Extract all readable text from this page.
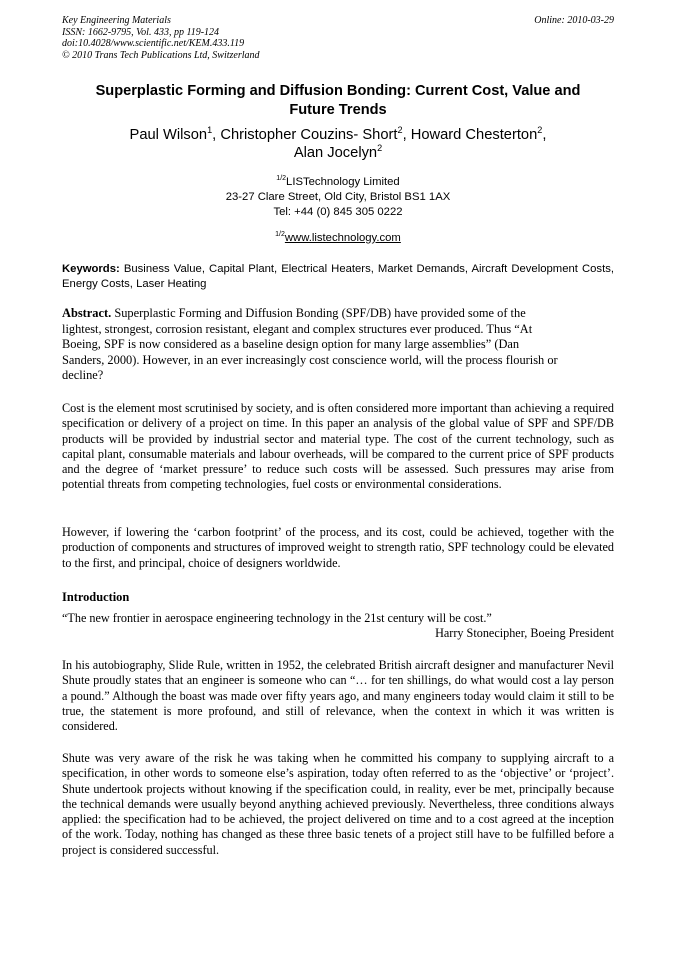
Key Engineering Materials
ISSN: 1662-9795, Vol. 433, pp 119-124
doi:10.4028/www.scientific.net/KEM.433.119
© 2010 Trans Tech Publications Ltd, Switzerland
Online: 2010-03-29
Superplastic Forming and Diffusion Bonding: Current Cost, Value and
Future Trends
Paul Wilson$^1$, Christopher Couzins- Short$^2$, Howard Chesterton$^2$,
Alan Jocelyn$^2$
$^{1/2}$LISTechnology Limited
23-27 Clare Street, Old City, Bristol BS1 1AX
Tel: +44 (0) 845 305 0222
$^{1/2}$www.listechnology.com
Keywords: Business Value, Capital Plant, Electrical Heaters, Market Demands, Aircraft Development Costs, Energy Costs, Laser Heating
Abstract. Superplastic Forming and Diffusion Bonding (SPF/DB) have provided some of the
lightest, strongest, corrosion resistant, elegant and complex structures ever produced. Thus “At
Boeing, SPF is now considered as a baseline design option for many large assemblies” (Dan
Sanders, 2000). However, in an ever increasingly cost conscience world, will the process flourish or
decline?
Cost is the element most scrutinised by society, and is often considered more important than achieving a required specification or delivery of a project on time. In this paper an analysis of the global value of SPF and SPF/DB products will be provided by industrial sector and material type. The cost of the current technology, such as capital plant, consumable materials and labour overheads, will be compared to the current price of SPF products and the degree of ‘market pressure’ to reduce such costs will be assessed. Such pressures may arise from potential threats from competing technologies, fuel costs or environmental considerations.
However, if lowering the ‘carbon footprint’ of the process, and its cost, could be achieved, together with the production of components and structures of improved weight to strength ratio, SPF technology could be elevated to the first, and principal, choice of designers worldwide.
Introduction
“The new frontier in aerospace engineering technology in the 21st century will be cost.”
Harry Stonecipher, Boeing President
In his autobiography, Slide Rule, written in 1952, the celebrated British aircraft designer and manufacturer Nevil Shute proudly states that an engineer is someone who can “… for ten shillings, do what would cost a lay person a pound.” Although the boast was made over fifty years ago, and many engineers today would claim it still to be true, the statement is more profound, and still of relevance, when the context in which it was written is considered.
Shute was very aware of the risk he was taking when he committed his company to supplying aircraft to a specification, in other words to someone else’s aspiration, today often referred to as the ‘objective’ or ‘project’. Shute undertook projects without knowing if the specification could, in reality, ever be met, principally because the technical demands were usually beyond anything achieved previously. Nevertheless, three conditions always applied: the specification had to be achieved, the project delivered on time and to a cost agreed at the inception of the work. Today, nothing has changed as these three basic tenets of a project still have to be fulfilled before a project is considered successful.
